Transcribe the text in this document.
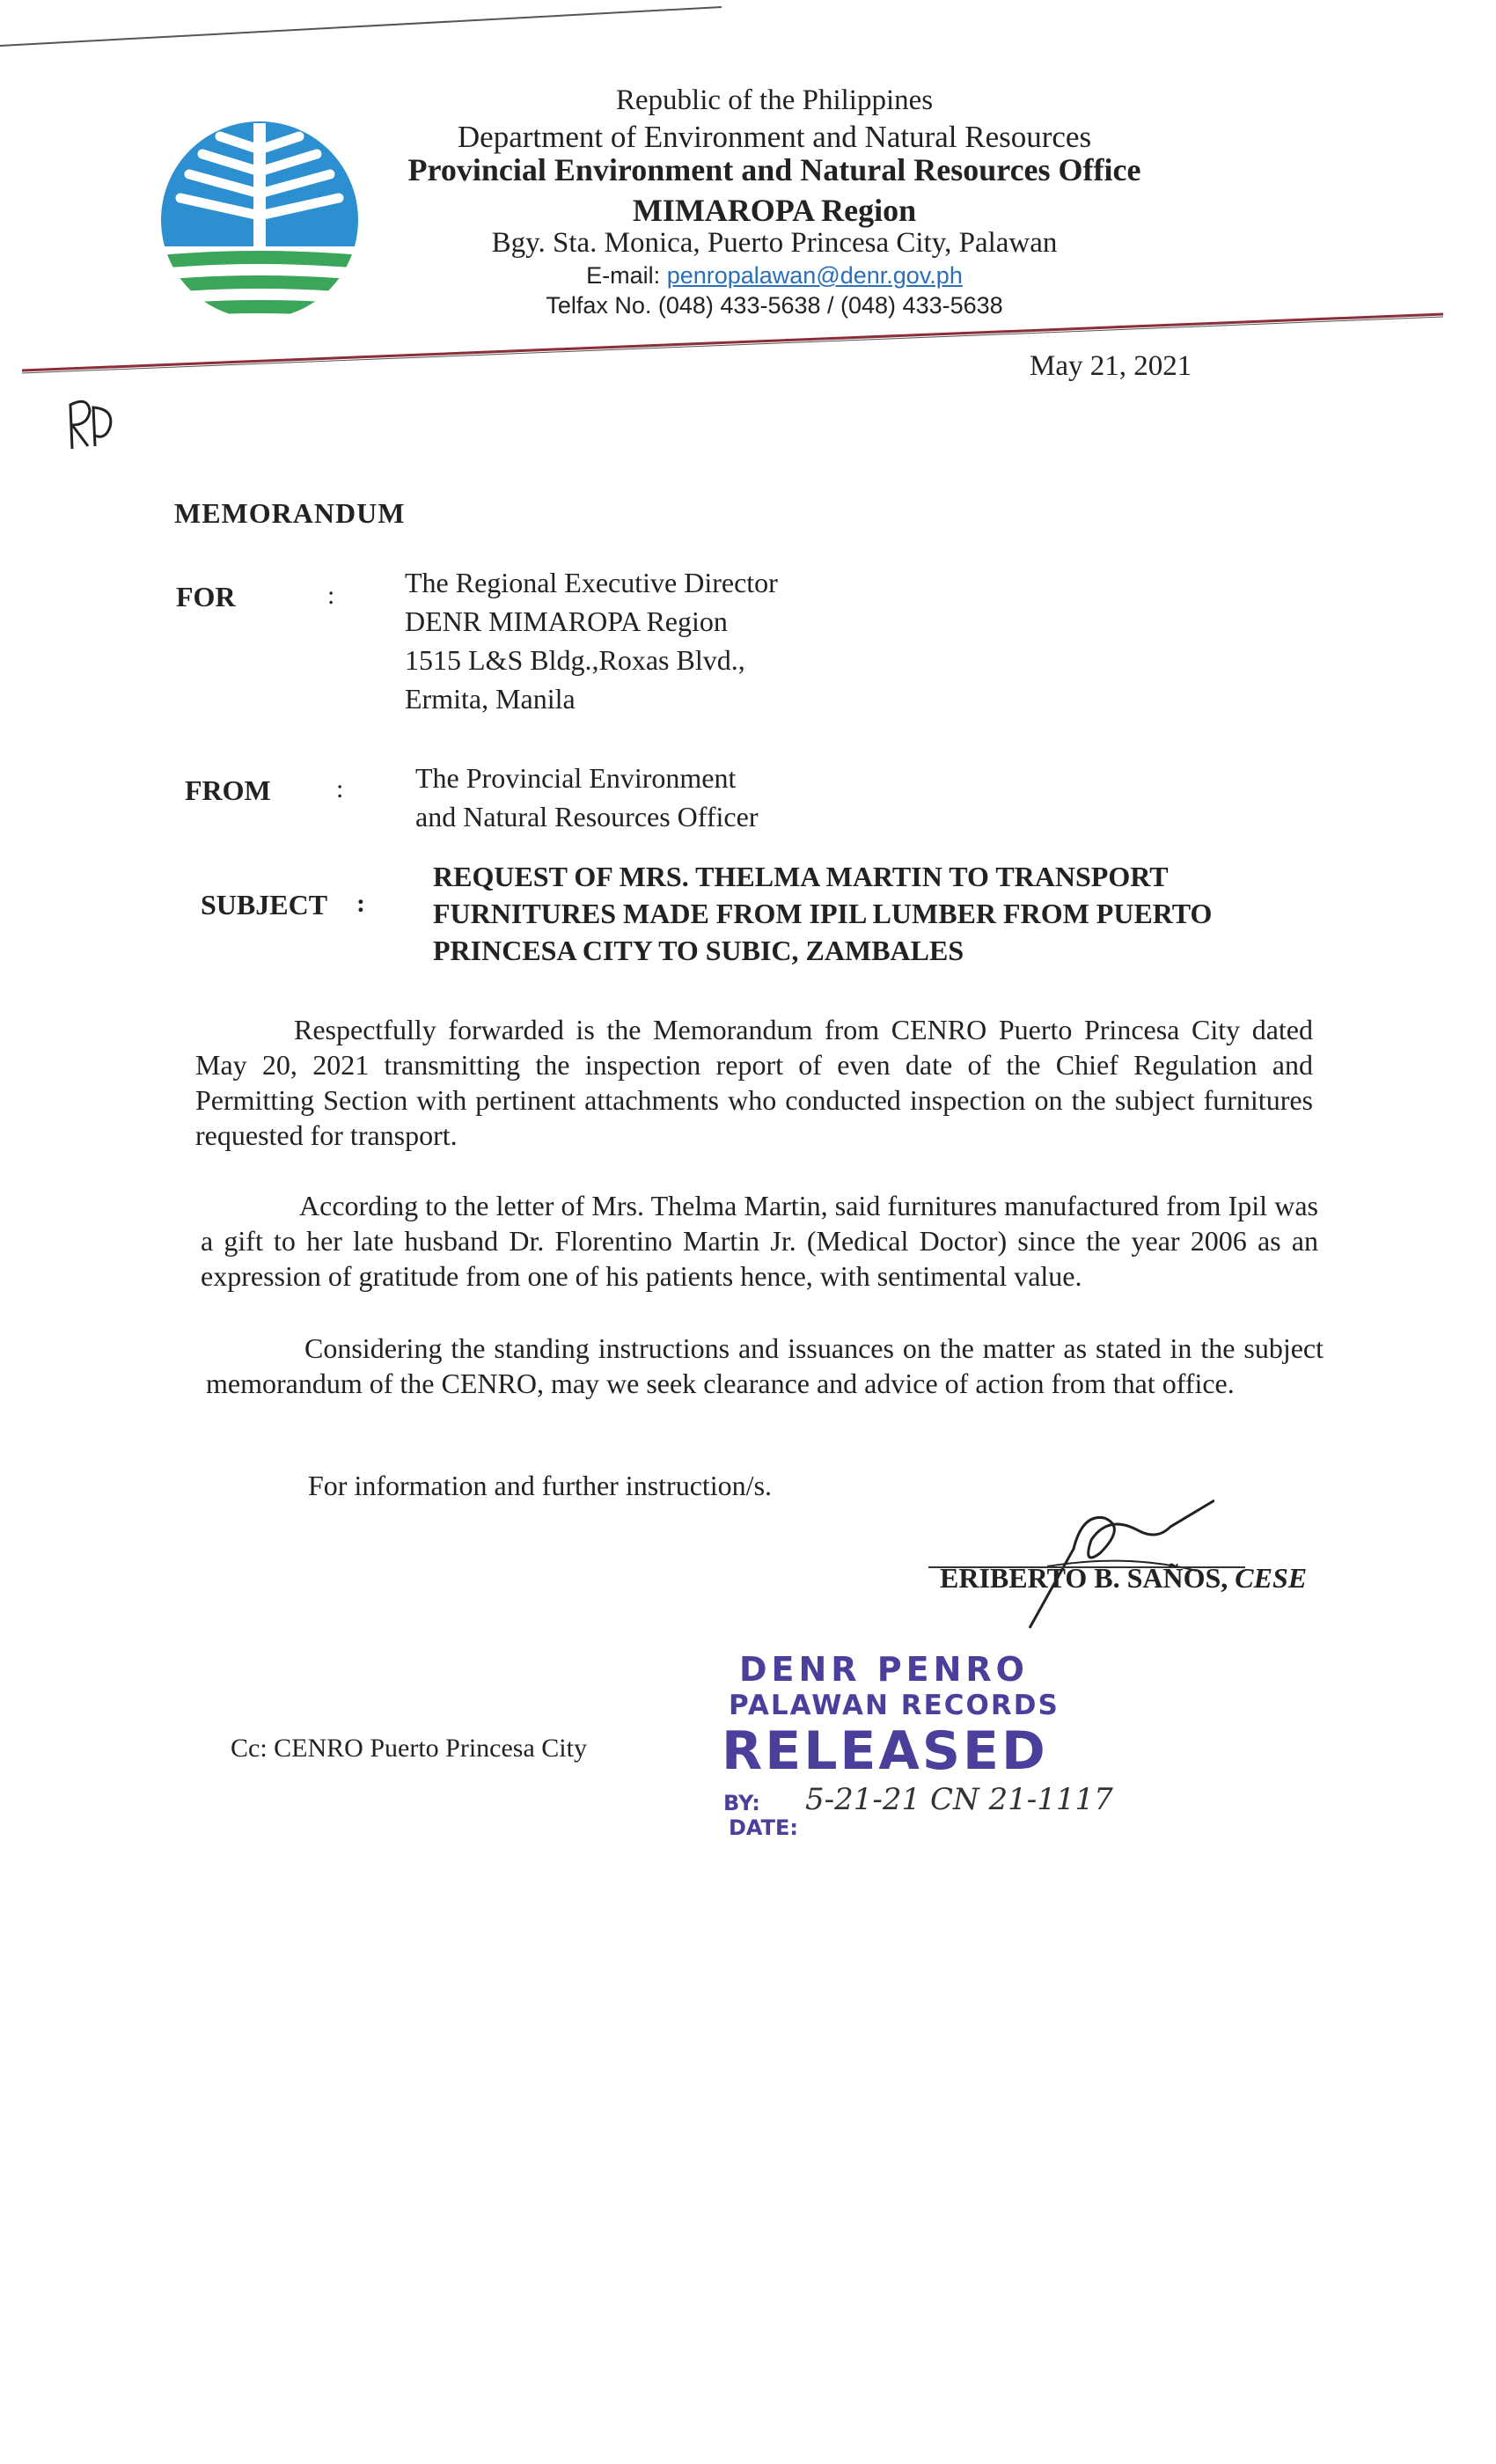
Republic of the Philippines
Department of Environment and Natural Resources
Provincial Environment and Natural Resources Office
MIMAROPA Region
Bgy. Sta. Monica, Puerto Princesa City, Palawan
E-mail: penropalawan@denr.gov.ph
Telfax No. (048) 433-5638 / (048) 433-5638
May 21, 2021
MEMORANDUM
FOR	: The Regional Executive Director
DENR MIMAROPA Region
1515 L&S Bldg.,Roxas Blvd.,
Ermita, Manila
FROM :	The Provincial Environment
and Natural Resources Officer
SUBJECT :
REQUEST OF MRS. THELMA MARTIN TO TRANSPORT FURNITURES MADE FROM IPIL LUMBER FROM PUERTO PRINCESA CITY TO SUBIC, ZAMBALES
Respectfully forwarded is the Memorandum from CENRO Puerto Princesa City dated May 20, 2021 transmitting the inspection report of even date of the Chief Regulation and Permitting Section with pertinent attachments who conducted inspection on the subject furnitures requested for transport.
According to the letter of Mrs. Thelma Martin, said furnitures manufactured from Ipil was a gift to her late husband Dr. Florentino Martin Jr. (Medical Doctor) since the year 2006 as an expression of gratitude from one of his patients hence, with sentimental value.
Considering the standing instructions and issuances on the matter as stated in the subject memorandum of the CENRO, may we seek clearance and advice of action from that office.
For information and further instruction/s.
ERIBERTO B. SAÑOS, CESE
DENR PENRO
PALAWAN RECORDS
RELEASED
BY:
DATE:
5-21-21 CN 21-1117
Cc: CENRO Puerto Princesa City
